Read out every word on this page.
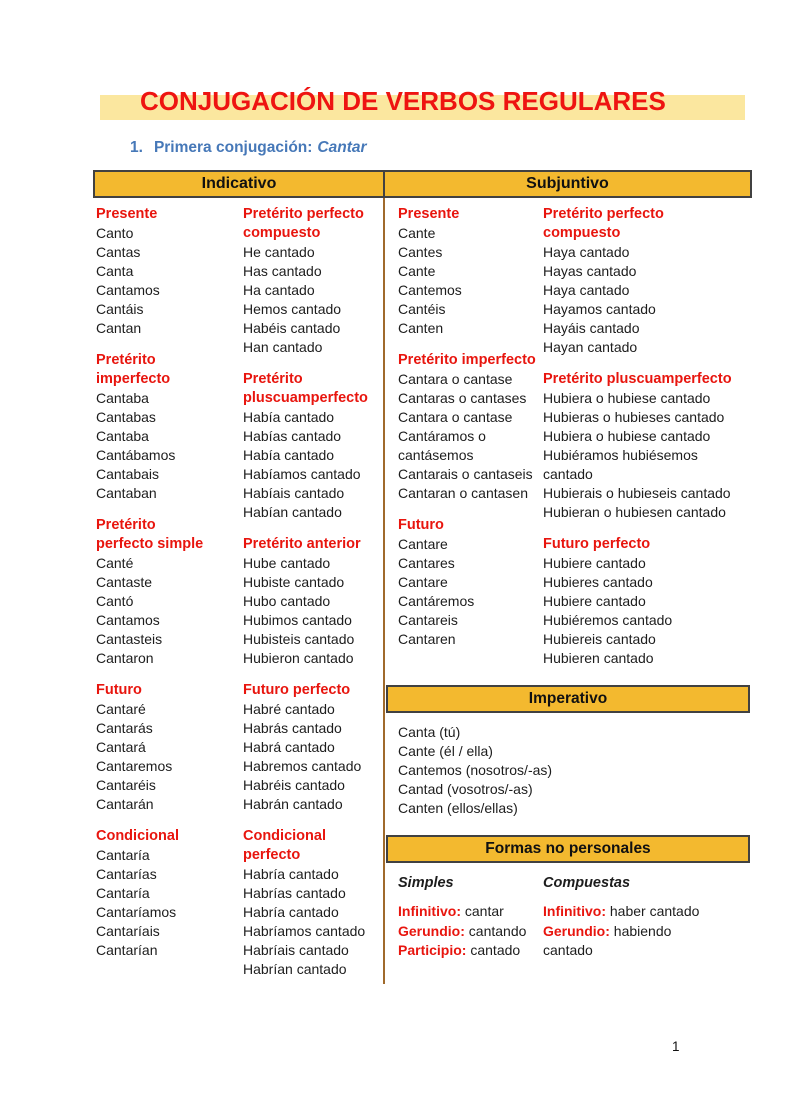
CONJUGACIÓN DE VERBOS REGULARES
1. Primera conjugación: Cantar
Indicativo	Subjuntivo
Presente
Canto
Cantas
Canta
Cantamos
Cantáis
Cantan
Pretérito imperfecto
Cantaba
Cantabas
Cantaba
Cantábamos
Cantabais
Cantaban
Pretérito perfecto simple
Canté
Cantaste
Cantó
Cantamos
Cantasteis
Cantaron
Futuro
Cantaré
Cantarás
Cantará
Cantaremos
Cantaréis
Cantarán
Condicional
Cantaría
Cantarías
Cantaría
Cantaríamos
Cantaríais
Cantarían
Pretérito perfecto compuesto
He cantado
Has cantado
Ha cantado
Hemos cantado
Habéis cantado
Han cantado
Pretérito pluscuamperfecto
Había cantado
Habías cantado
Había cantado
Habíamos cantado
Habíais cantado
Habían cantado
Pretérito anterior
Hube cantado
Hubiste cantado
Hubo cantado
Hubimos cantado
Hubisteis cantado
Hubieron cantado
Futuro perfecto
Habré cantado
Habrás cantado
Habrá cantado
Habremos cantado
Habréis cantado
Habrán cantado
Condicional perfecto
Habría cantado
Habrías cantado
Habría cantado
Habríamos cantado
Habríais cantado
Habrían cantado
Presente
Cante
Cantes
Cante
Cantemos
Cantéis
Canten
Pretérito imperfecto
Cantara o cantase
Cantaras o cantases
Cantara o cantase
Cantáramos o cantásemos
Cantarais o cantaseis
Cantaran o cantasen
Futuro
Cantare
Cantares
Cantare
Cantáremos
Cantareis
Cantaren
Pretérito perfecto compuesto
Haya cantado
Hayas cantado
Haya cantado
Hayamos cantado
Hayáis cantado
Hayan cantado
Pretérito pluscuamperfecto
Hubiera o hubiese cantado
Hubieras o hubieses cantado
Hubiera o hubiese cantado
Hubiéramos hubiésemos cantado
Hubierais o hubieseis cantado
Hubieran o hubiesen cantado
Futuro perfecto
Hubiere cantado
Hubieres cantado
Hubiere cantado
Hubiéremos cantado
Hubiereis cantado
Hubieren cantado
Imperativo
Canta (tú)
Cante (él / ella)
Cantemos (nosotros/-as)
Cantad (vosotros/-as)
Canten (ellos/ellas)
Formas no personales
Simples
Infinitivo: cantar
Gerundio: cantando
Participio: cantado
Compuestas
Infinitivo: haber cantado
Gerundio: habiendo cantado
1
